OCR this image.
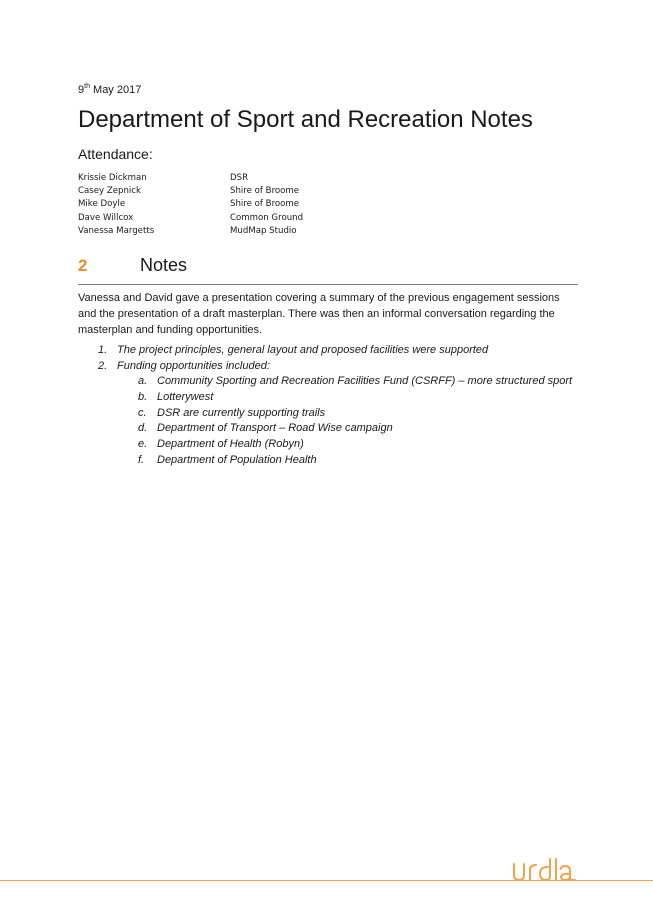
9th May 2017
Department of Sport and Recreation Notes
Attendance:
Krissie Dickman	DSR
Casey Zepnick	Shire of Broome
Mike Doyle	Shire of Broome
Dave Willcox	Common Ground
Vanessa Margetts	MudMap Studio
2	Notes

Vanessa and David gave a presentation covering a summary of the previous engagement sessions and the presentation of a draft masterplan. There was then an informal conversation regarding the masterplan and funding opportunities.

1. The project principles, general layout and proposed facilities were supported
2. Funding opportunities included:
a. Community Sporting and Recreation Facilities Fund (CSRFF) – more structured sport
b. Lotterywest
c. DSR are currently supporting trails
d. Department of Transport – Road Wise campaign
e. Department of Health (Robyn)
f. Department of Population Health
